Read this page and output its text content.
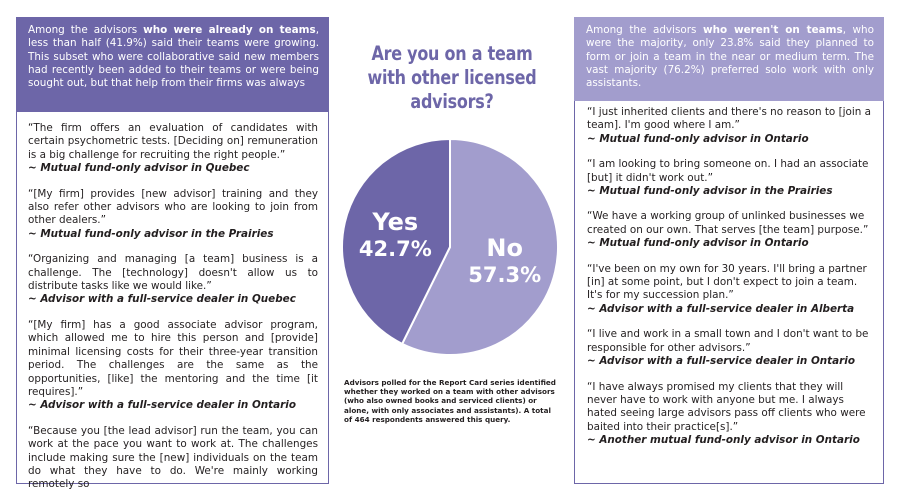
Among the advisors who were already on teams, less than half (41.9%) said their teams were growing. This subset who were collaborative said new members had recently been added to their teams or were being sought out, but that help from their firms was always
“The firm offers an evaluation of candidates with certain psychometric tests. [Deciding on] remuneration is a big challenge for recruiting the right people.”
~ Mutual fund-only advisor in Quebec
“[My firm] provides [new advisor] training and they also refer other advisors who are looking to join from other dealers.”
~ Mutual fund-only advisor in the Prairies
“Organizing and managing [a team] business is a challenge. The [technology] doesn't allow us to distribute tasks like we would like.”
~ Advisor with a full-service dealer in Quebec
“[My firm] has a good associate advisor program, which allowed me to hire this person and [provide] minimal licensing costs for their three-year transition period. The challenges are the same as the opportunities, [like] the mentoring and the time [it requires].”
~ Advisor with a full-service dealer in Ontario
“Because you [the lead advisor] run the team, you can work at the pace you want to work at. The challenges include making sure the [new] individuals on the team do what they have to do. We're mainly working remotely so
Among the advisors who weren't on teams, who were the majority, only 23.8% said they planned to form or join a team in the near or medium term. The vast majority (76.2%) preferred solo work with only assistants.
“I just inherited clients and there's no reason to [join a team]. I'm good where I am.”
~ Mutual fund-only advisor in Ontario
“I am looking to bring someone on. I had an associate [but] it didn't work out.”
~ Mutual fund-only advisor in the Prairies
“We have a working group of unlinked businesses we created on our own. That serves [the team] purpose.”
~ Mutual fund-only advisor in Ontario
“I've been on my own for 30 years. I'll bring a partner [in] at some point, but I don't expect to join a team. It's for my succession plan.”
~ Advisor with a full-service dealer in Alberta
“I live and work in a small town and I don't want to be responsible for other advisors.”
~ Advisor with a full-service dealer in Ontario
“I have always promised my clients that they will never have to work with anyone but me. I always hated seeing large advisors pass off clients who were baited into their practice[s].”
~ Another mutual fund-only advisor in Ontario
Are you on a team with other licensed advisors?
No
57.3%
Yes
42.7%
Advisors polled for the Report Card series identified whether they worked on a team with other advisors (who also owned books and serviced clients) or alone, with only associates and assistants). A total of 464 respondents answered this query.
